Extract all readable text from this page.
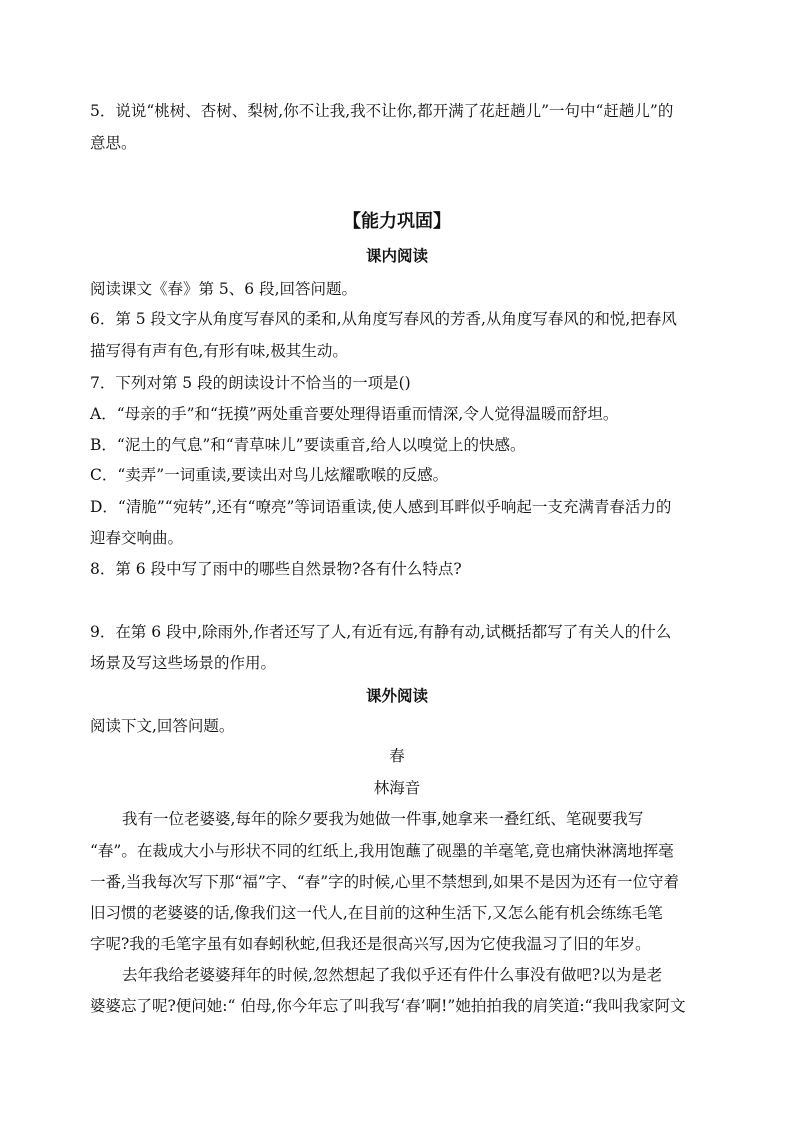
5．说说“桃树、杏树、梨树,你不让我,我不让你,都开满了花赶趟儿”一句中“赶趟儿”的
意思。
【能力巩固】
课内阅读
阅读课文《春》第 5、6 段,回答问题。
6．第 5 段文字从角度写春风的柔和,从角度写春风的芳香,从角度写春风的和悦,把春风
描写得有声有色,有形有味,极其生动。
7．下列对第 5 段的朗读设计不恰当的一项是()
A．“母亲的手”和“抚摸”两处重音要处理得语重而情深,令人觉得温暖而舒坦。
B．“泥土的气息”和“青草味儿”要读重音,给人以嗅觉上的快感。
C．“卖弄”一词重读,要读出对鸟儿炫耀歌喉的反感。
D．“清脆”“宛转”,还有“嘹亮”等词语重读,使人感到耳畔似乎响起一支充满青春活力的
迎春交响曲。
8．第 6 段中写了雨中的哪些自然景物?各有什么特点?
9．在第 6 段中,除雨外,作者还写了人,有近有远,有静有动,试概括都写了有关人的什么
场景及写这些场景的作用。
课外阅读
阅读下文,回答问题。
春
林海音
我有一位老婆婆,每年的除夕要我为她做一件事,她拿来一叠红纸、笔砚要我写
“春”。在裁成大小与形状不同的红纸上,我用饱蘸了砚墨的羊毫笔,竟也痛快淋漓地挥毫
一番,当我每次写下那“福”字、“春”字的时候,心里不禁想到,如果不是因为还有一位守着
旧习惯的老婆婆的话,像我们这一代人,在目前的这种生活下,又怎么能有机会练练毛笔
字呢?我的毛笔字虽有如春蚓秋蛇,但我还是很高兴写,因为它使我温习了旧的年岁。
去年我给老婆婆拜年的时候,忽然想起了我似乎还有件什么事没有做吧?以为是老
婆婆忘了呢?便问她:“ 伯母,你今年忘了叫我写‘春’啊!”她拍拍我的肩笑道:“我叫我家阿文
